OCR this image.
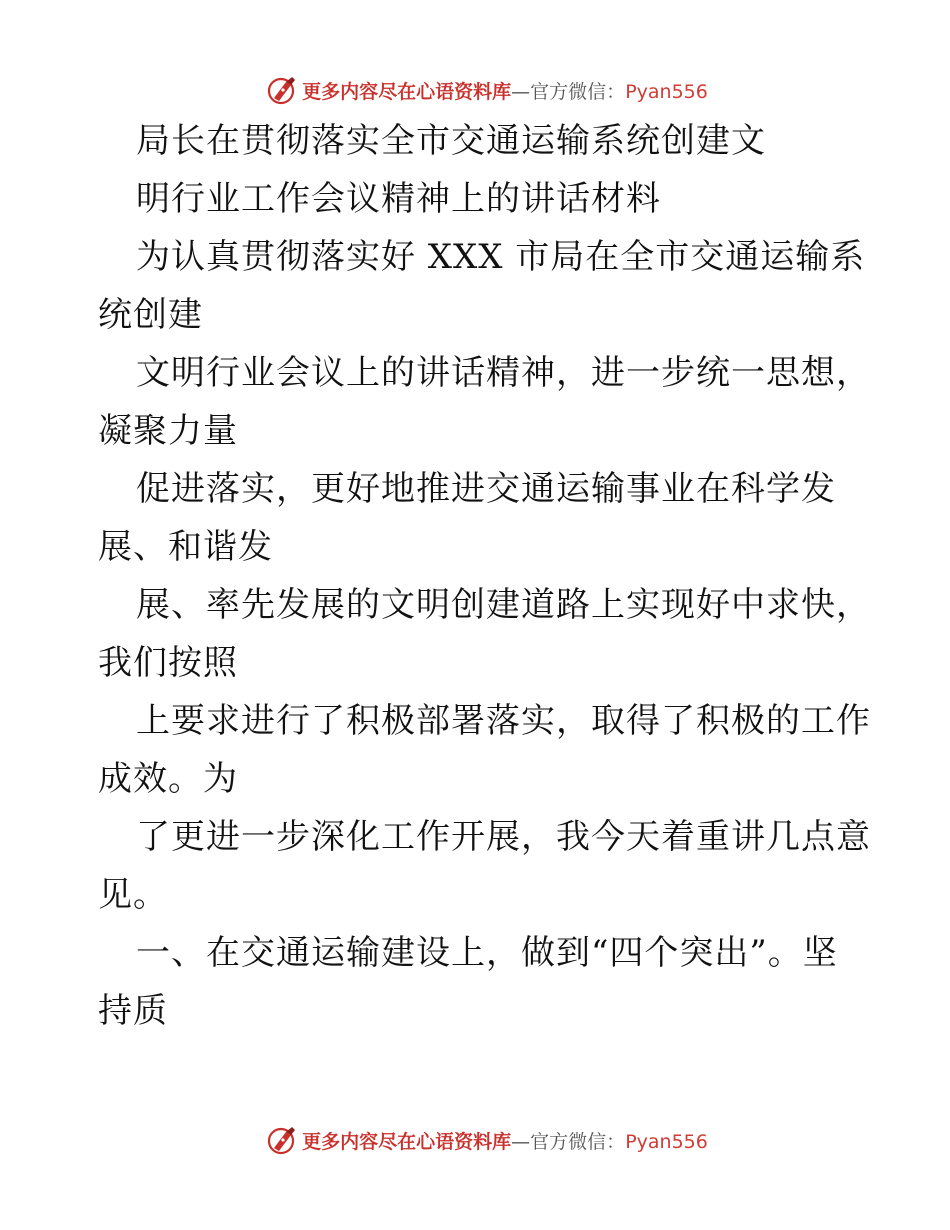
更多内容尽在心语资料库—官方微信：Pyan556
局长在贯彻落实全市交通运输系统创建文
明行业工作会议精神上的讲话材料
为认真贯彻落实好 XXX 市局在全市交通运输系
统创建
文明行业会议上的讲话精神，进一步统一思想，
凝聚力量
促进落实，更好地推进交通运输事业在科学发
展、和谐发
展、率先发展的文明创建道路上实现好中求快，
我们按照
上要求进行了积极部署落实，取得了积极的工作
成效。为
了更进一步深化工作开展，我今天着重讲几点意
见。
一、在交通运输建设上，做到“四个突出”。坚
持质
更多内容尽在心语资料库—官方微信：Pyan556
